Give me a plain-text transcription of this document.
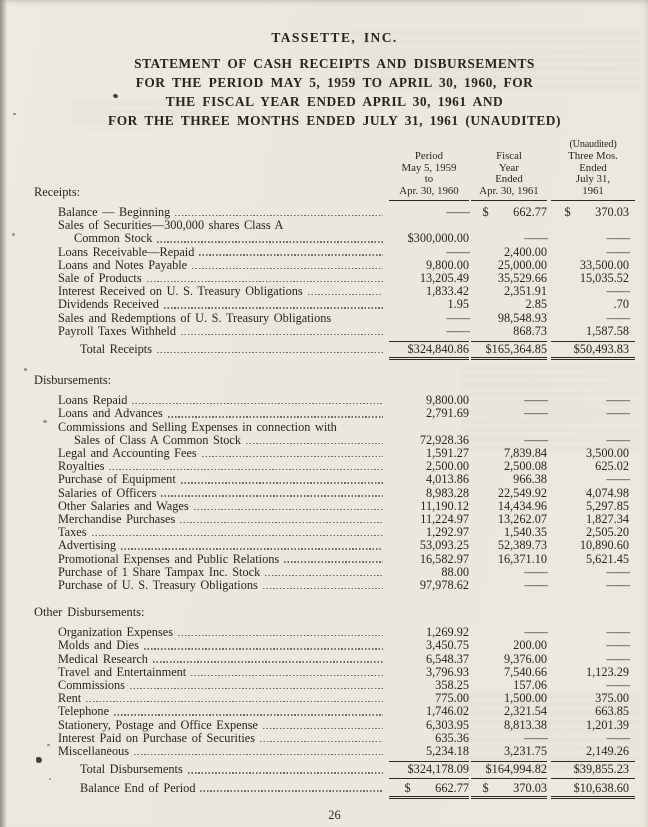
TASSETTE, INC.
STATEMENT OF CASH RECEIPTS AND DISBURSEMENTS
FOR THE PERIOD MAY 5, 1959 TO APRIL 30, 1960, FOR
THE FISCAL YEAR ENDED APRIL 30, 1961 AND
FOR THE THREE MONTHS ENDED JULY 31, 1961 (UNAUDITED)
Receipts:
Period
May 5, 1959
to
Apr. 30, 1960
Fiscal
Year
Ended
Apr. 30, 1961
(Unaudited)
Three Mos.
Ended
July 31,
1961
Balance — Beginning	——	$        662.77	$        370.03
Sales of Securities—300,000 shares Class A
Common Stock	$300,000.00	——	——
Loans Receivable—Repaid	——	2,400.00	——
Loans and Notes Payable	9,800.00	25,000.00	33,500.00
Sale of Products	13,205.49	35,529.66	15,035.52
Interest Received on U. S. Treasury Obligations	1,833.42	2,351.91	——
Dividends Received	1.95	2.85	.70
Sales and Redemptions of U. S. Treasury Obligations	——	98,548.93	——
Payroll Taxes Withheld	——	868.73	1,587.58
Total Receipts	$324,840.86	$165,364.85	$50,493.83
Disbursements:
Loans Repaid	9,800.00	——	——
Loans and Advances	2,791.69	——	——
Commissions and Selling Expenses in connection with
Sales of Class A Common Stock	72,928.36	——	——
Legal and Accounting Fees	1,591.27	7,839.84	3,500.00
Royalties	2,500.00	2,500.08	625.02
Purchase of Equipment	4,013.86	966.38	——
Salaries of Officers	8,983.28	22,549.92	4,074.98
Other Salaries and Wages	11,190.12	14,434.96	5,297.85
Merchandise Purchases	11,224.97	13,262.07	1,827.34
Taxes	1,292.97	1,540.35	2,505.20
Advertising	53,093.25	52,389.73	10,890.60
Promotional Expenses and Public Relations	16,582.97	16,371.10	5,621.45
Purchase of 1 Share Tampax Inc. Stock	88.00	——	——
Purchase of U. S. Treasury Obligations	97,978.62	——	——
Other Disbursements:
Organization Expenses	1,269.92	——	——
Molds and Dies	3,450.75	200.00	——
Medical Research	6,548.37	9,376.00	——
Travel and Entertainment	3,796.93	7,540.66	1,123.29
Commissions	358.25	157.06	——
Rent	775.00	1,500.00	375.00
Telephone	1,746.02	2,321.54	663.85
Stationery, Postage and Office Expense	6,303.95	8,813.38	1,201.39
Interest Paid on Purchase of Securities	635.36	——	——
Miscellaneous	5,234.18	3,231.75	2,149.26
Total Disbursements	$324,178.09	$164,994.82	$39,855.23
Balance End of Period	$        662.77	$        370.03	$10,638.60
26
